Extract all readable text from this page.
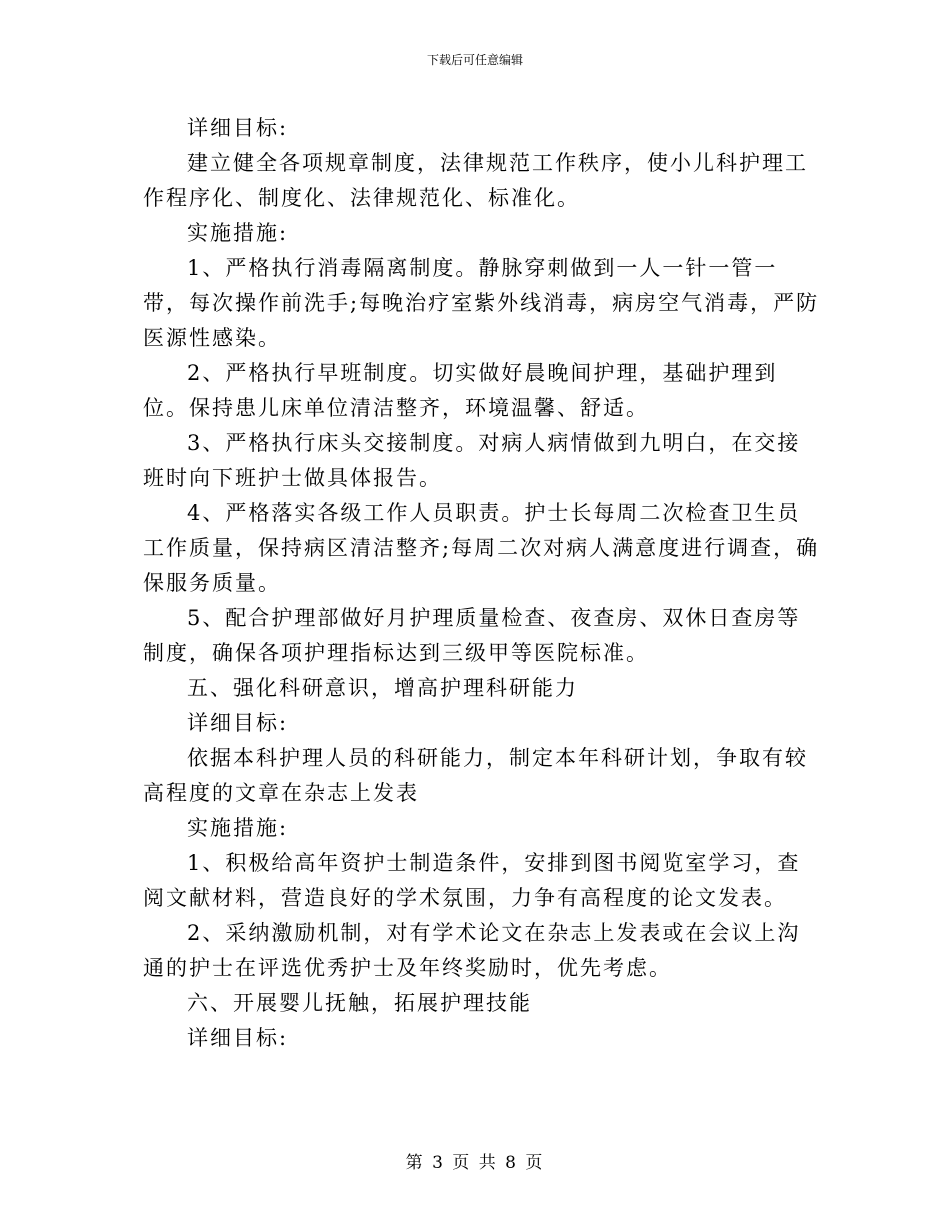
下载后可任意编辑

详细目标:

建立健全各项规章制度，法律规范工作秩序，使小儿科护理工作程序化、制度化、法律规范化、标准化。

实施措施:

1、严格执行消毒隔离制度。静脉穿刺做到一人一针一管一带，每次操作前洗手;每晚治疗室紫外线消毒，病房空气消毒，严防医源性感染。

2、严格执行早班制度。切实做好晨晚间护理，基础护理到位。保持患儿床单位清洁整齐，环境温馨、舒适。

3、严格执行床头交接制度。对病人病情做到九明白，在交接班时向下班护士做具体报告。

4、严格落实各级工作人员职责。护士长每周二次检查卫生员工作质量，保持病区清洁整齐;每周二次对病人满意度进行调查，确保服务质量。

5、配合护理部做好月护理质量检查、夜查房、双休日查房等制度，确保各项护理指标达到三级甲等医院标准。

五、强化科研意识，增高护理科研能力

详细目标:

依据本科护理人员的科研能力，制定本年科研计划，争取有较高程度的文章在杂志上发表

实施措施:

1、积极给高年资护士制造条件，安排到图书阅览室学习，查阅文献材料，营造良好的学术氛围，力争有高程度的论文发表。

2、采纳激励机制，对有学术论文在杂志上发表或在会议上沟通的护士在评选优秀护士及年终奖励时，优先考虑。

六、开展婴儿抚触，拓展护理技能

详细目标:

第 3 页 共 8 页
